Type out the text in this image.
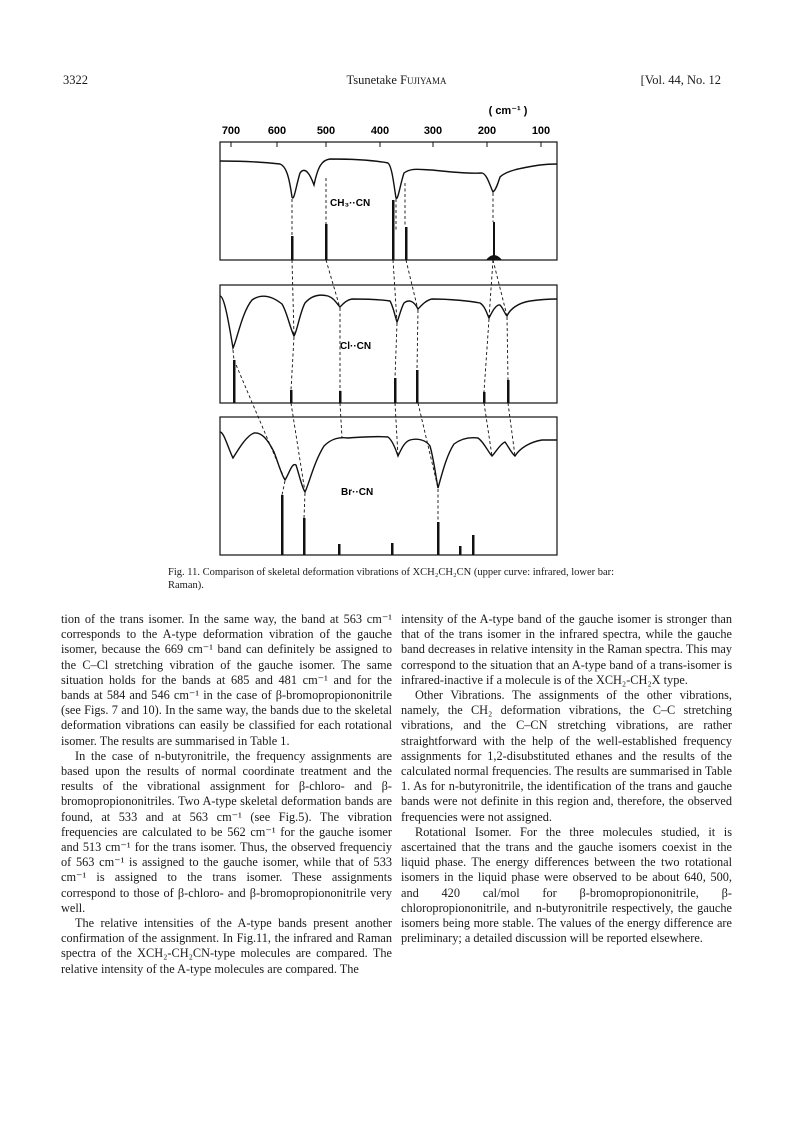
3322	Tsunetake Fujiyama	[Vol. 44, No. 12
( cm⁻¹ )
700	600	500	400	300	200	100
CH₃··CN
Cl··CN
Br··CN
Fig. 11. Comparison of skeletal deformation vibrations of XCH₂CH₂CN (upper curve: infrared, lower bar: Raman).

tion of the trans isomer. In the same way, the band at 563 cm⁻¹ corresponds to the A-type deformation vibration of the gauche isomer, because the 669 cm⁻¹ band can definitely be assigned to the C–Cl stretching vibration of the gauche isomer. The same situation holds for the bands at 685 and 481 cm⁻¹ and for the bands at 584 and 546 cm⁻¹ in the case of β-bromopropiononitrile (see Figs. 7 and 10). In the same way, the bands due to the skeletal deformation vibrations can easily be classified for each rotational isomer. The results are summarised in Table 1.

In the case of n-butyronitrile, the frequency assignments are based upon the results of normal coordinate treatment and the results of the vibrational assignment for β-chloro- and β-bromopropiononitriles. Two A-type skeletal deformation bands are found, at 533 and at 563 cm⁻¹ (see Fig.5). The vibration frequencies are calculated to be 562 cm⁻¹ for the gauche isomer and 513 cm⁻¹ for the trans isomer. Thus, the observed frequenciy of 563 cm⁻¹ is assigned to the gauche isomer, while that of 533 cm⁻¹ is assigned to the trans isomer. These assignments correspond to those of β-chloro- and β-bromopropiononitrile very well.

The relative intensities of the A-type bands present another confirmation of the assignment. In Fig.11, the infrared and Raman spectra of the XCH₂-CH₂CN-type molecules are compared. The relative intensity of the A-type molecules are compared. The

intensity of the A-type band of the gauche isomer is stronger than that of the trans isomer in the infrared spectra, while the gauche band decreases in relative intensity in the Raman spectra. This may correspond to the situation that an A-type band of a trans-isomer is infrared-inactive if a molecule is of the XCH₂-CH₂X type.

Other Vibrations. The assignments of the other vibrations, namely, the CH₂ deformation vibrations, the C–C stretching vibrations, and the C–CN stretching vibrations, are rather straightforward with the help of the well-established frequency assignments for 1,2-disubstituted ethanes and the results of the calculated normal frequencies. The results are summarised in Table 1. As for n-butyronitrile, the identification of the trans and gauche bands were not definite in this region and, therefore, the observed frequencies were not assigned.

Rotational Isomer. For the three molecules studied, it is ascertained that the trans and the gauche isomers coexist in the liquid phase. The energy differences between the two rotational isomers in the liquid phase were observed to be about 640, 500, and 420 cal/mol for β-bromopropiononitrile, β-chloropropiononitrile, and n-butyronitrile respectively, the gauche isomers being more stable. The values of the energy difference are preliminary; a detailed discussion will be reported elsewhere.
